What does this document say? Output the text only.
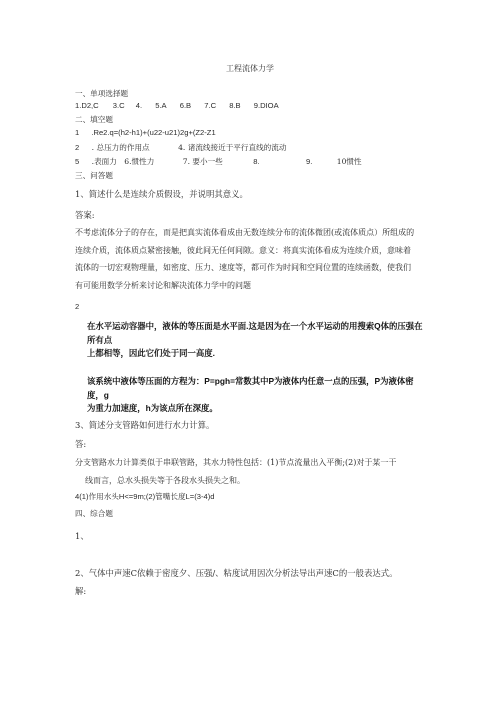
工程流体力学
一、单项选择题
1.D2,C 3.C 4. 5.A 6.B 7.C 8.B 9.DIOA
二、填空题
1 .Re2.q=(h2-h1)+(u22-u21)2g+(Z2-Z1
2 . 总压力的作用点	4. 诸流线接近于平行直线的流动
5 .表面力 6.惯性力	7. 要小一些	8.	9.	10惯性
三、问答题
1、简述什么是连续介质假设，并说明其意义。
答案:
不考虑流体分子的存在，而是把真实流体看成由无数连续分布的流体微团(或流体质点）所组成的
连续介质，流体质点紧密接触，彼此间无任何间隙。意义：将真实流体看成为连续介质，意味着
流体的一切宏观物理量，如密度、压力、速度等，都可作为时间和空间位置的连续函数，使我们
有可能用数学分析来讨论和解决流体力学中的问题
2
在水平运动容器中，液体的等压面是水平面.这是因为在一个水平运动的用搜索Q体的压强在所有点
上都相等，因此它们处于同一高度.
该系统中液体等压面的方程为：P=pgh=常数其中P为液体内任意一点的压强，P为液体密度，g
为重力加速度，h为该点所在深度。
3、简述分支管路如何进行水力计算。
答:
分支管路水力计算类似于串联管路，其水力特性包括：(1)节点流量出入平衡;(2)对于某一干
线而言，总水头损失等于各段水头损失之和。
4(1)作用水头H<=9m;(2)管嘴长度L=(3-4)d
四、综合题
1、
2、气体中声速C依赖于密度夕、压强/、粘度试用因次分析法导出声速C的一般表达式。
解:
